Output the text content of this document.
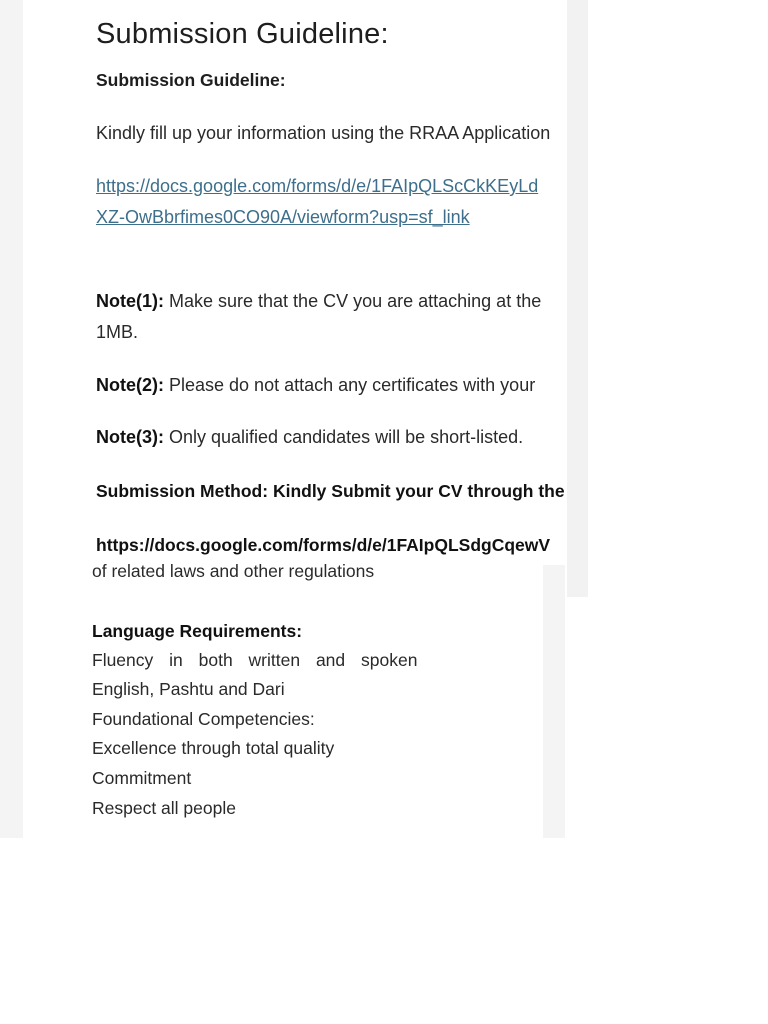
Submission Guideline:
Submission Guideline:
Kindly fill up your information using the RRAA Application
https://docs.google.com/forms/d/e/1FAIpQLScCkKEyLd
XZ-OwBbrfimes0CO90A/viewform?usp=sf_link
Note(1): Make sure that the CV you are attaching at the
1MB.
Note(2): Please do not attach any certificates with your
Note(3): Only qualified candidates will be short-listed.
Submission Method: Kindly Submit your CV through the
https://docs.google.com/forms/d/e/1FAIpQLSdgCqewV
of related laws and other regulations
Language Requirements:
Fluency in both written and spoken
English, Pashtu and Dari
Foundational Competencies:
Excellence through total quality
Commitment
Respect all people
